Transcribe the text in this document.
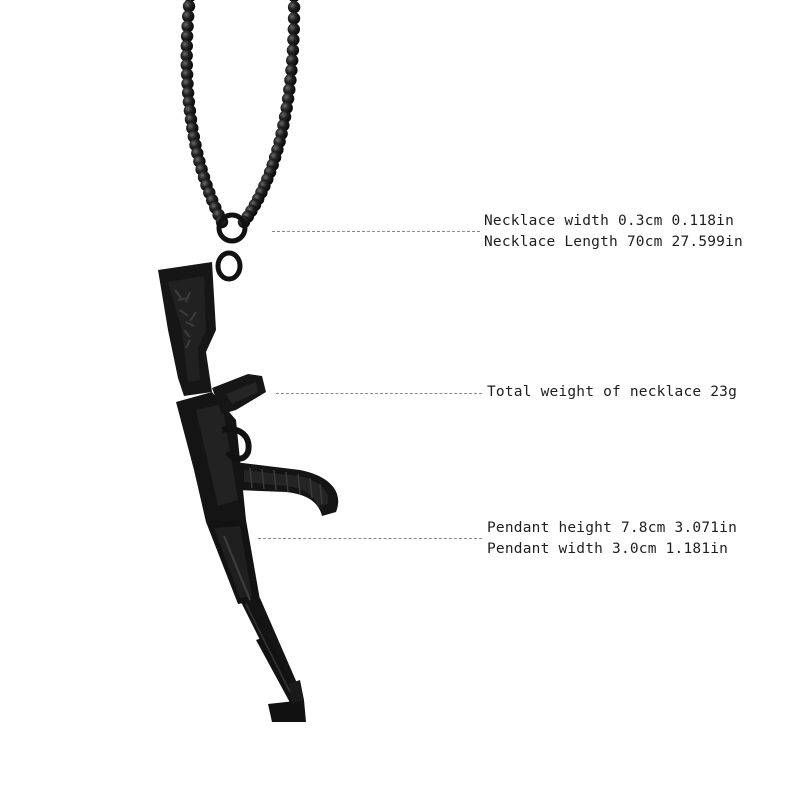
Necklace width 0.3cm 0.118in
Necklace Length 70cm 27.599in
Total weight of necklace 23g
Pendant height 7.8cm 3.071in
Pendant width 3.0cm 1.181in
